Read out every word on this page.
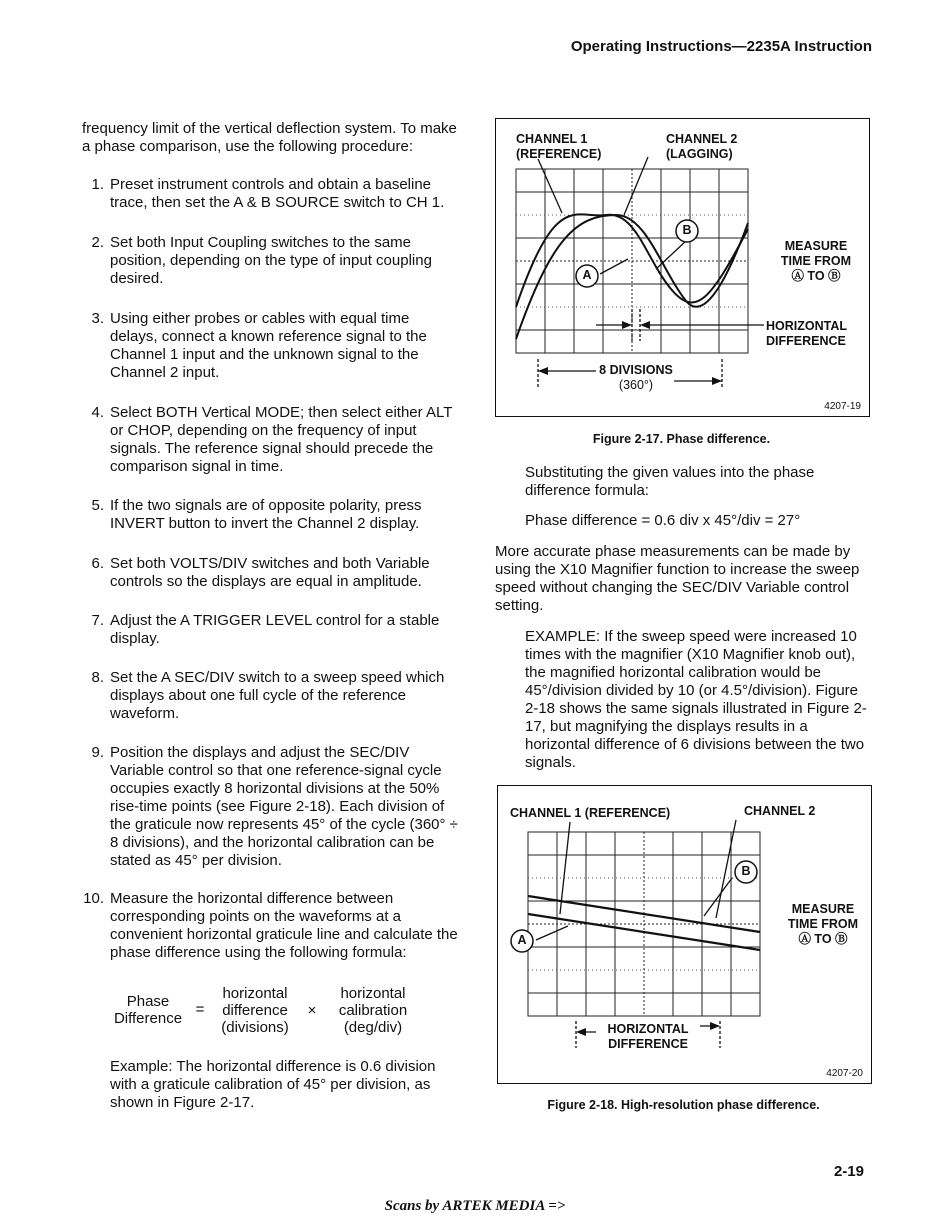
Operating Instructions—2235A Instruction
frequency limit of the vertical deflection system. To make a phase comparison, use the following procedure:
1. Preset instrument controls and obtain a baseline trace, then set the A & B SOURCE switch to CH 1.
2. Set both Input Coupling switches to the same position, depending on the type of input coupling desired.
3. Using either probes or cables with equal time delays, connect a known reference signal to the Channel 1 input and the unknown signal to the Channel 2 input.
4. Select BOTH Vertical MODE; then select either ALT or CHOP, depending on the frequency of input signals. The reference signal should precede the comparison signal in time.
5. If the two signals are of opposite polarity, press INVERT button to invert the Channel 2 display.
6. Set both VOLTS/DIV switches and both Variable controls so the displays are equal in amplitude.
7. Adjust the A TRIGGER LEVEL control for a stable display.
8. Set the A SEC/DIV switch to a sweep speed which displays about one full cycle of the reference waveform.
9. Position the displays and adjust the SEC/DIV Variable control so that one reference-signal cycle occupies exactly 8 horizontal divisions at the 50% rise-time points (see Figure 2-18). Each division of the graticule now represents 45° of the cycle (360° ÷ 8 divisions), and the horizontal calibration can be stated as 45° per division.
10. Measure the horizontal difference between corresponding points on the waveforms at a convenient horizontal graticule line and calculate the phase difference using the following formula:
Phase
Difference
=
horizontal
difference
(divisions)
×
horizontal
calibration
(deg/div)
Example: The horizontal difference is 0.6 division with a graticule calibration of 45° per division, as shown in Figure 2-17.
CHANNEL 1
(REFERENCE)
CHANNEL 2
(LAGGING)
B
A
MEASURE
TIME FROM
Ⓐ TO Ⓑ
HORIZONTAL
DIFFERENCE
8 DIVISIONS
(360°)
4207-19
Figure 2-17. Phase difference.
Substituting the given values into the phase difference formula:
Phase difference = 0.6 div x 45°/div = 27°
More accurate phase measurements can be made by using the X10 Magnifier function to increase the sweep speed without changing the SEC/DIV Variable control setting.
EXAMPLE: If the sweep speed were increased 10 times with the magnifier (X10 Magnifier knob out), the magnified horizontal calibration would be 45°/division divided by 10 (or 4.5°/division). Figure 2-18 shows the same signals illustrated in Figure 2-17, but magnifying the displays results in a horizontal difference of 6 divisions between the two signals.
CHANNEL 1 (REFERENCE)	CHANNEL 2
B
A
MEASURE
TIME FROM
Ⓐ TO Ⓑ
HORIZONTAL
DIFFERENCE
4207-20
Figure 2-18. High-resolution phase difference.
2-19
Scans by ARTEK MEDIA =>
